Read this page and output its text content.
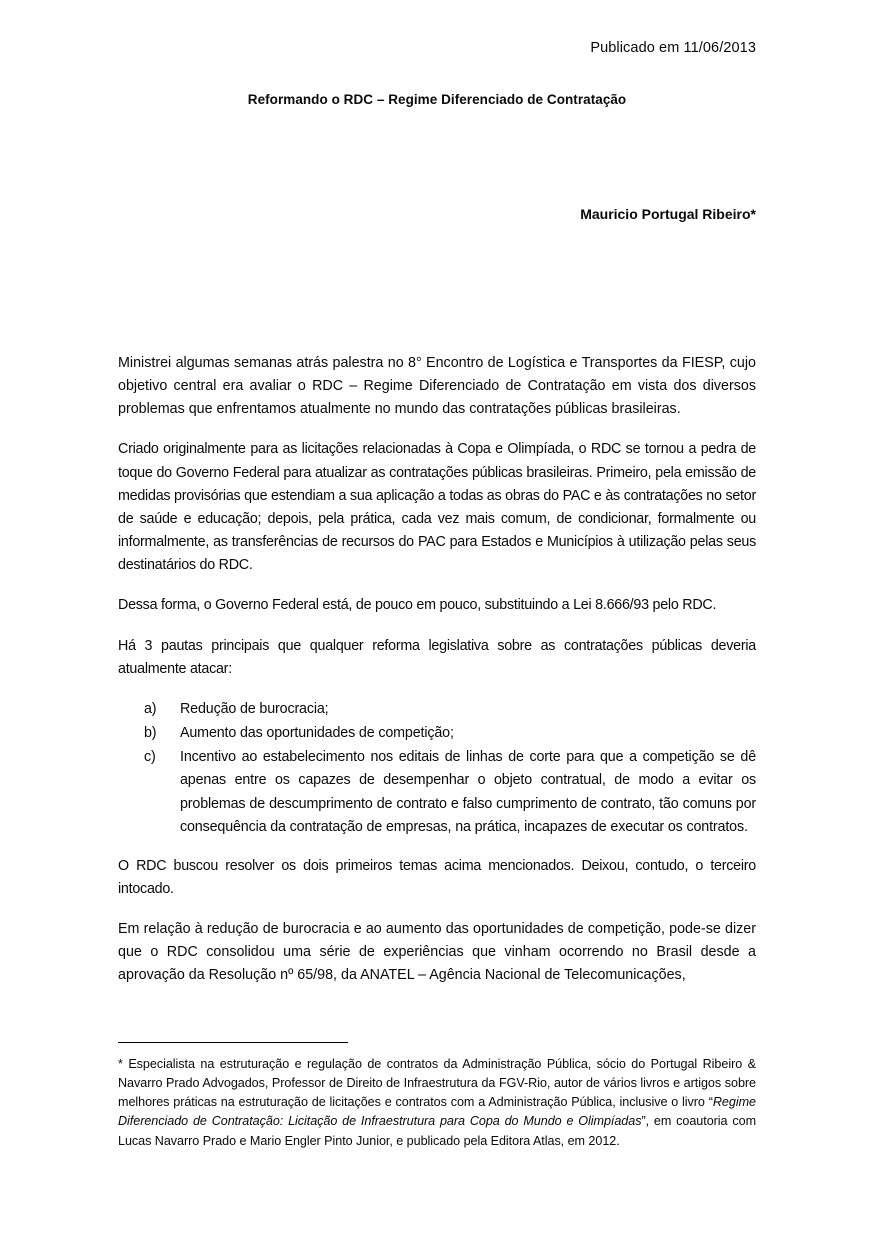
Publicado em 11/06/2013
Reformando o RDC – Regime Diferenciado de Contratação
Mauricio Portugal Ribeiro*

Ministrei algumas semanas atrás palestra no 8° Encontro de Logística e Transportes da FIESP, cujo objetivo central era avaliar o RDC – Regime Diferenciado de Contratação em vista dos diversos problemas que enfrentamos atualmente no mundo das contratações públicas brasileiras.

Criado originalmente para as licitações relacionadas à Copa e Olimpíada, o RDC se tornou a pedra de toque do Governo Federal para atualizar as contratações públicas brasileiras. Primeiro, pela emissão de medidas provisórias que estendiam a sua aplicação a todas as obras do PAC e às contratações no setor de saúde e educação; depois, pela prática, cada vez mais comum, de condicionar, formalmente ou informalmente, as transferências de recursos do PAC para Estados e Municípios à utilização pelas seus destinatários do RDC.

Dessa forma, o Governo Federal está, de pouco em pouco, substituindo a Lei 8.666/93 pelo RDC.

Há 3 pautas principais que qualquer reforma legislativa sobre as contratações públicas deveria atualmente atacar:

a) Redução de burocracia;
b) Aumento das oportunidades de competição;
c) Incentivo ao estabelecimento nos editais de linhas de corte para que a competição se dê apenas entre os capazes de desempenhar o objeto contratual, de modo a evitar os problemas de descumprimento de contrato e falso cumprimento de contrato, tão comuns por consequência da contratação de empresas, na prática, incapazes de executar os contratos.

O RDC buscou resolver os dois primeiros temas acima mencionados. Deixou, contudo, o terceiro intocado.

Em relação à redução de burocracia e ao aumento das oportunidades de competição, pode-se dizer que o RDC consolidou uma série de experiências que vinham ocorrendo no Brasil desde a aprovação da Resolução nº 65/98, da ANATEL – Agência Nacional de Telecomunicações,

* Especialista na estruturação e regulação de contratos da Administração Pública, sócio do Portugal Ribeiro & Navarro Prado Advogados, Professor de Direito de Infraestrutura da FGV-Rio, autor de vários livros e artigos sobre melhores práticas na estruturação de licitações e contratos com a Administração Pública, inclusive o livro “Regime Diferenciado de Contratação: Licitação de Infraestrutura para Copa do Mundo e Olimpíadas”, em coautoria com Lucas Navarro Prado e Mario Engler Pinto Junior, e publicado pela Editora Atlas, em 2012.
